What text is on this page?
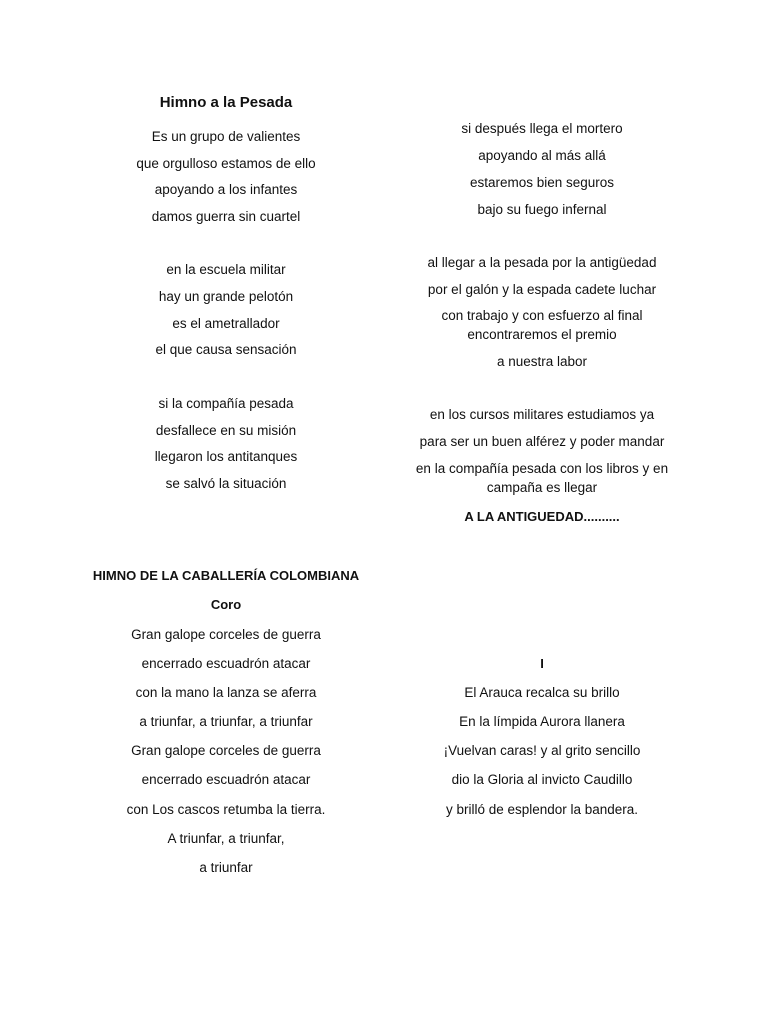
Himno a la Pesada
Es un grupo de valientes
que orgulloso estamos de ello
apoyando a los infantes
damos guerra sin cuartel
en la escuela militar
hay un grande pelotón
es el ametrallador
el que causa sensación
si la compañía pesada
desfallece en su misión
llegaron los antitanques
se salvó la situación
si después llega el mortero
apoyando al más allá
estaremos bien seguros
bajo su fuego infernal
al llegar a la pesada por la antigüedad
por el galón y la espada cadete luchar
con trabajo y con esfuerzo al final
encontraremos el premio
a nuestra labor
en los cursos militares estudiamos ya
para ser un buen alférez y poder mandar
en la compañía pesada con los libros y en
campaña es llegar
A LA ANTIGUEDAD..........
HIMNO DE LA CABALLERÍA COLOMBIANA
Coro
Gran galope corceles de guerra
encerrado escuadrón atacar
con la mano la lanza se aferra
a triunfar, a triunfar, a triunfar
Gran galope corceles de guerra
encerrado escuadrón atacar
con Los cascos retumba la tierra.
A triunfar, a triunfar,
a triunfar
I
El Arauca recalca su brillo
En la límpida Aurora llanera
¡Vuelvan caras! y al grito sencillo
dio la Gloria al invicto Caudillo
y brilló de esplendor la bandera.
